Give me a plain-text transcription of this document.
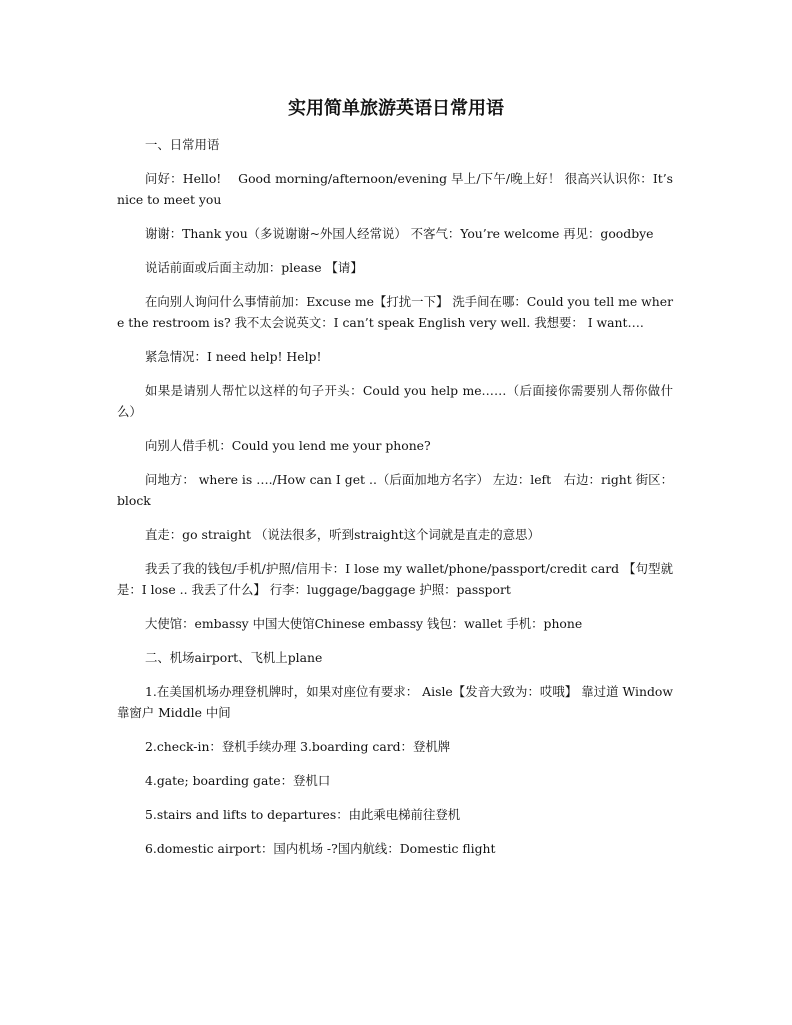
实用简单旅游英语日常用语

一、日常用语

问好：Hello!　 Good morning/afternoon/evening 早上/下午/晚上好！ 很高兴认识你：It’s nice to meet you

谢谢：Thank you（多说谢谢~外国人经常说） 不客气：You’re welcome 再见：goodbye

说话前面或后面主动加：please 【请】

在向别人询问什么事情前加：Excuse me【打扰一下】 洗手间在哪：Could you tell me where the restroom is? 我不太会说英文：I can’t speak English very well. 我想要： I want….

紧急情况：I need help! Help!

如果是请别人帮忙以这样的句子开头：Could you help me……（后面接你需要别人帮你做什么）

向别人借手机：Could you lend me your phone?

问地方： where is …./How can I get ..（后面加地方名字） 左边：left　右边：right 街区：block

直走：go straight （说法很多，听到straight这个词就是直走的意思）

我丢了我的钱包/手机/护照/信用卡：I lose my wallet/phone/passport/credit card 【句型就是：I lose .. 我丢了什么】 行李：luggage/baggage 护照：passport

大使馆：embassy 中国大使馆Chinese embassy 钱包：wallet 手机：phone

二、机场airport、飞机上plane

1.在美国机场办理登机牌时，如果对座位有要求： Aisle【发音大致为：哎哦】 靠过道 Window 靠窗户 Middle 中间

2.check-in：登机手续办理 3.boarding card：登机牌

4.gate; boarding gate：登机口

5.stairs and lifts to departures：由此乘电梯前往登机

6.domestic airport：国内机场 -?国内航线：Domestic flight
